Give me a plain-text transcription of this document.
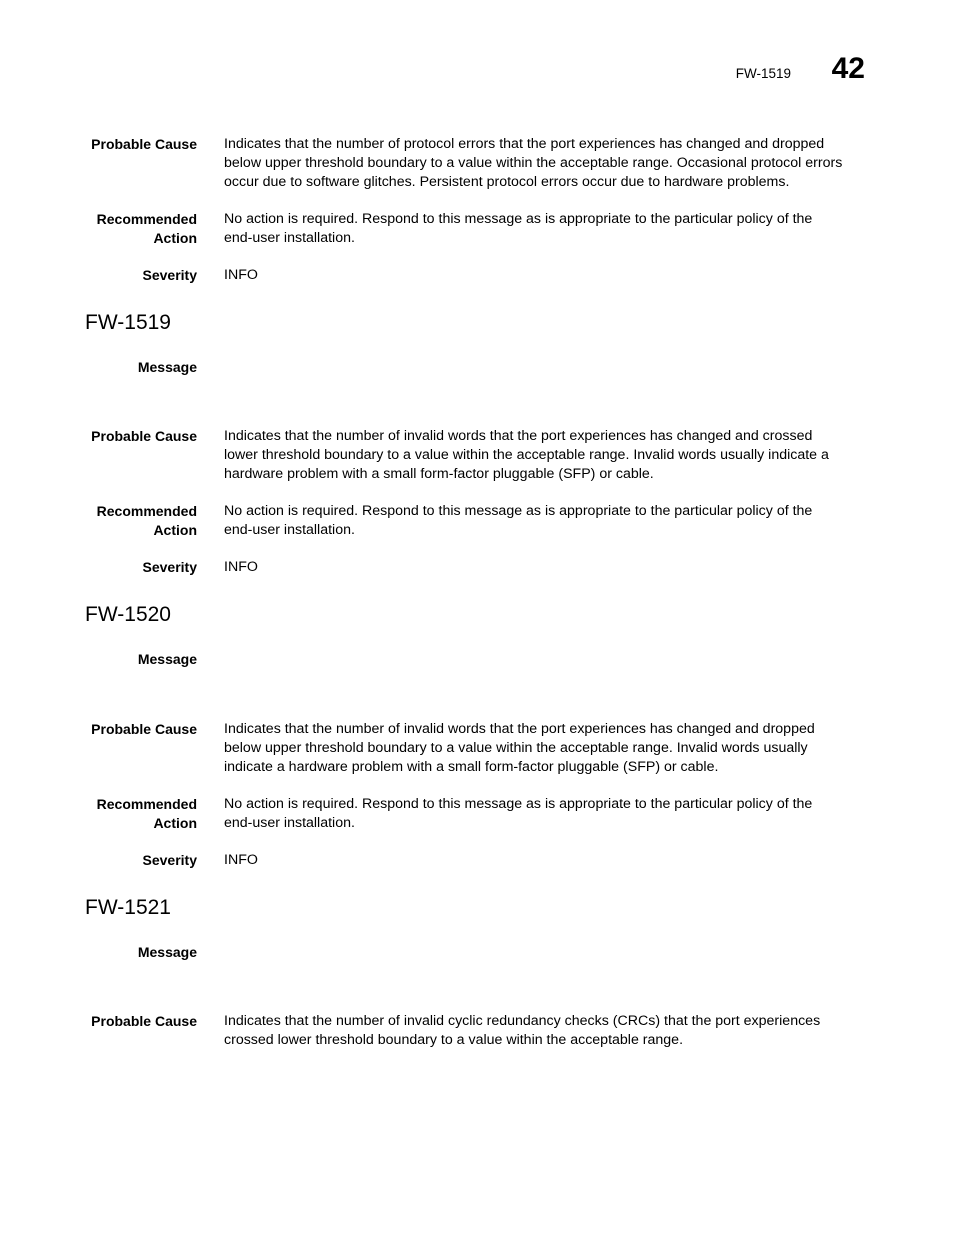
FW-1519 42
Probable Cause Indicates that the number of protocol errors that the port experiences has changed and dropped
below upper threshold boundary to a value within the acceptable range. Occasional protocol errors
occur due to software glitches. Persistent protocol errors occur due to hardware problems.
Recommended
Action
No action is required. Respond to this message as is appropriate to the particular policy of the
end-user installation.
Severity INFO
FW-1519
Message
Probable Cause Indicates that the number of invalid words that the port experiences has changed and crossed
lower threshold boundary to a value within the acceptable range. Invalid words usually indicate a
hardware problem with a small form-factor pluggable (SFP) or cable.
Recommended
Action
No action is required. Respond to this message as is appropriate to the particular policy of the
end-user installation.
Severity INFO
FW-1520
Message
Probable Cause Indicates that the number of invalid words that the port experiences has changed and dropped
below upper threshold boundary to a value within the acceptable range. Invalid words usually
indicate a hardware problem with a small form-factor pluggable (SFP) or cable.
Recommended
Action
No action is required. Respond to this message as is appropriate to the particular policy of the
end-user installation.
Severity INFO
FW-1521
Message
Probable Cause Indicates that the number of invalid cyclic redundancy checks (CRCs) that the port experiences
crossed lower threshold boundary to a value within the acceptable range.
